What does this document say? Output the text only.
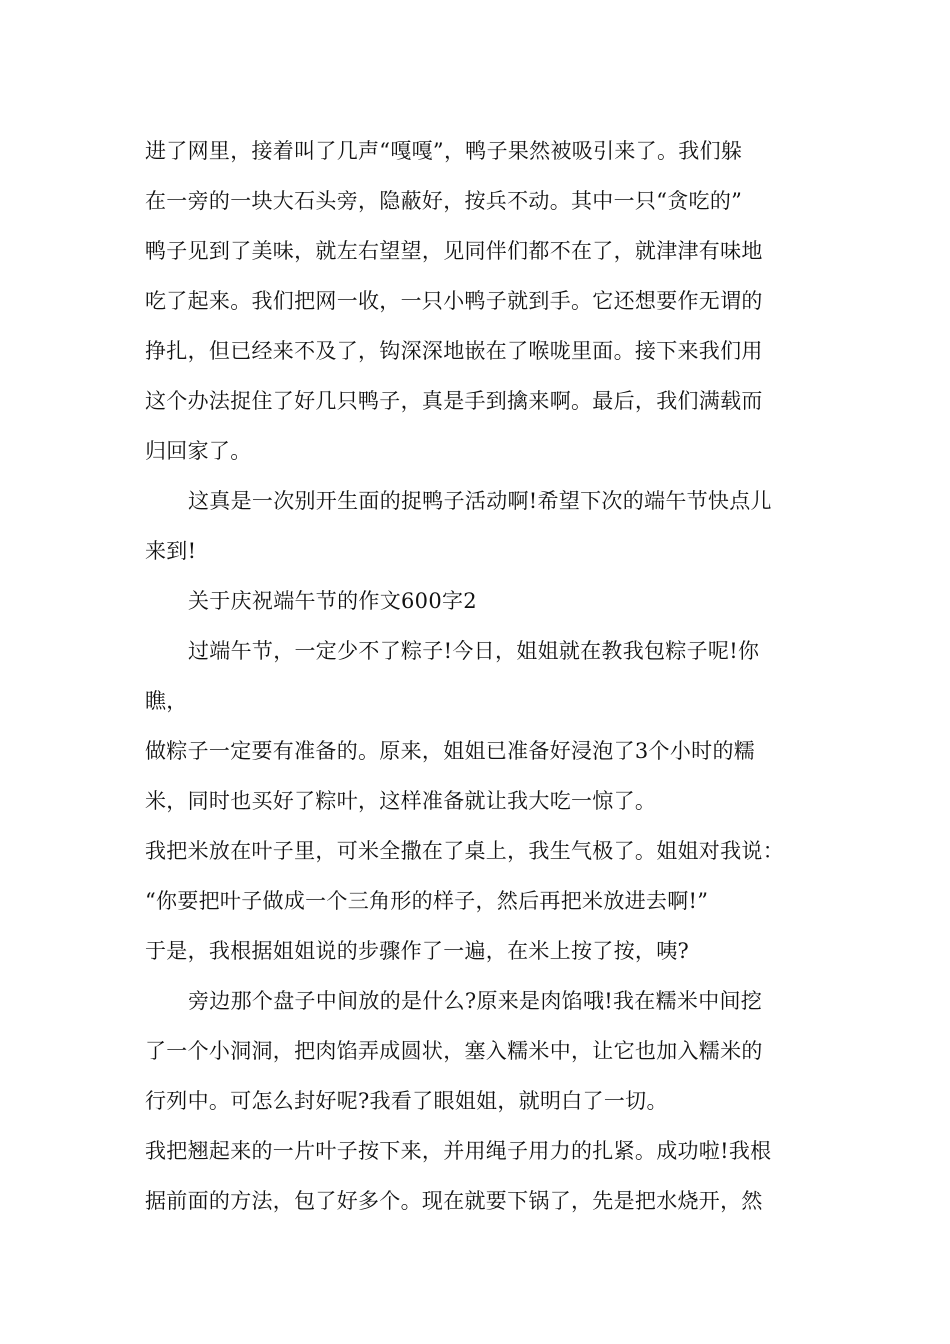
进了网里，接着叫了几声“嘎嘎”，鸭子果然被吸引来了。我们躲
在一旁的一块大石头旁，隐蔽好，按兵不动。其中一只“贪吃的”
鸭子见到了美味，就左右望望，见同伴们都不在了，就津津有味地
吃了起来。我们把网一收，一只小鸭子就到手。它还想要作无谓的
挣扎，但已经来不及了，钩深深地嵌在了喉咙里面。接下来我们用
这个办法捉住了好几只鸭子，真是手到擒来啊。最后，我们满载而
归回家了。
这真是一次别开生面的捉鸭子活动啊!希望下次的端午节快点儿
来到!
关于庆祝端午节的作文600字2
过端午节，一定少不了粽子!今日，姐姐就在教我包粽子呢!你
瞧，
做粽子一定要有准备的。原来，姐姐已准备好浸泡了3个小时的糯
米，同时也买好了粽叶，这样准备就让我大吃一惊了。
我把米放在叶子里，可米全撒在了桌上，我生气极了。姐姐对我说：
“你要把叶子做成一个三角形的样子，然后再把米放进去啊!”
于是，我根据姐姐说的步骤作了一遍，在米上按了按，咦?
旁边那个盘子中间放的是什么?原来是肉馅哦!我在糯米中间挖
了一个小洞洞，把肉馅弄成圆状，塞入糯米中，让它也加入糯米的
行列中。可怎么封好呢?我看了眼姐姐，就明白了一切。
我把翘起来的一片叶子按下来，并用绳子用力的扎紧。成功啦!我根
据前面的方法，包了好多个。现在就要下锅了，先是把水烧开，然
